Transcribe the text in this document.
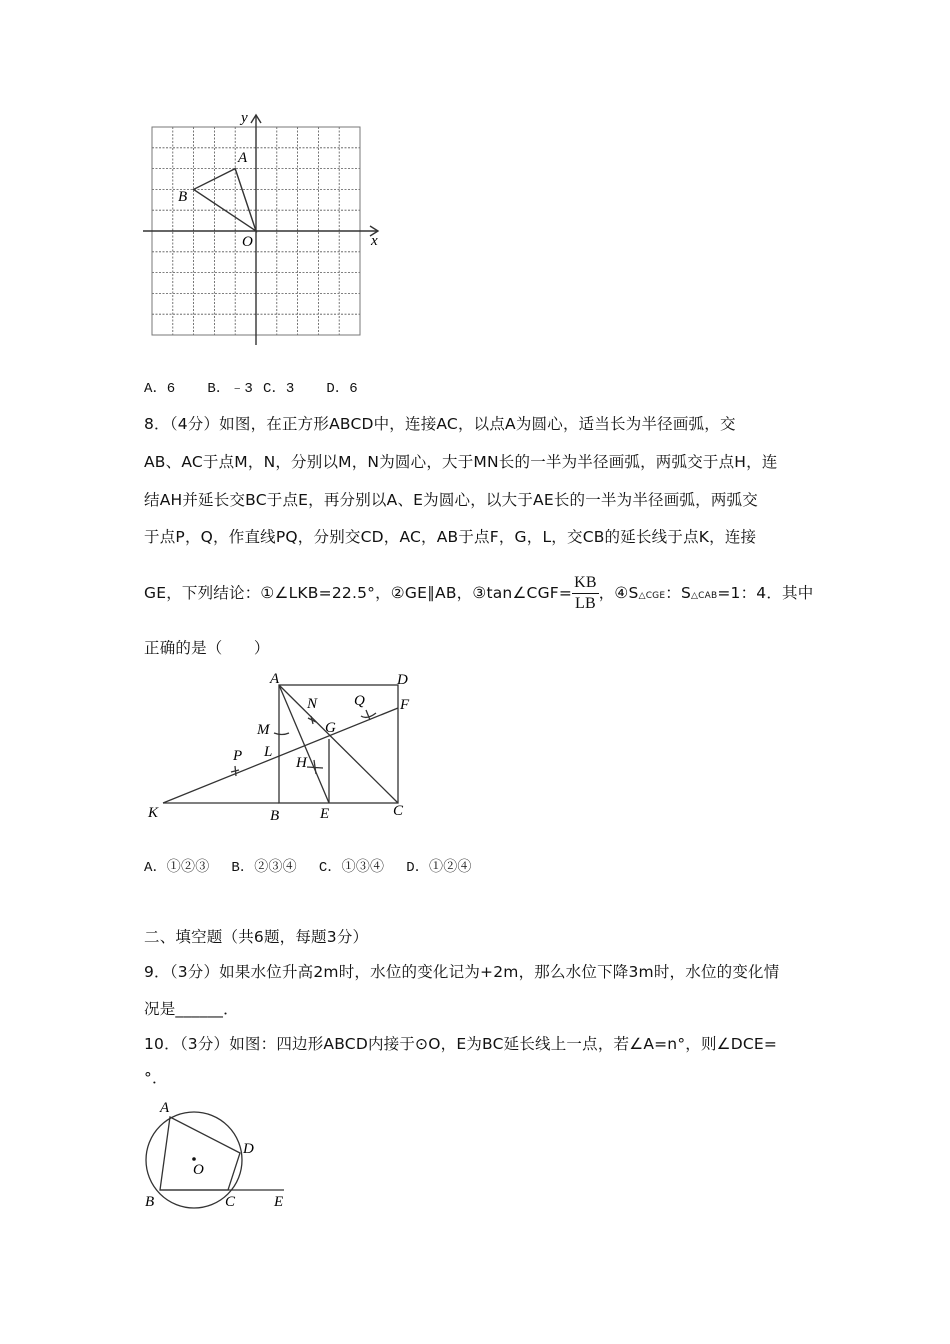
x
y
A
B
O
A．6 B．﹣3 C．3 D．6
8．（4分）如图，在正方形ABCD中，连接AC，以点A为圆心，适当长为半径画弧，交
AB、AC于点M，N，分别以M，N为圆心，大于MN长的一半为半径画弧，两弧交于点H，连
结AH并延长交BC于点E，再分别以A、E为圆心，以大于AE长的一半为半径画弧，两弧交
于点P，Q，作直线PQ，分别交CD，AC，AB于点F，G，L，交CB的延长线于点K，连接
GE，下列结论：①∠LKB=22.5°，②GE∥AB，③tan∠CGF= $\frac{KB}{LB}$ ，④S△CGE：S△CAB=1：4．其中
正确的是（　　）
A	D
F
G
N Q
M
L
P	H
K	B	E	C
A．①②③ B．②③④ C．①③④ D．①②④
二、填空题（共6题，每题3分）
9．（3分）如果水位升高2m时，水位的变化记为+2m，那么水位下降3m时，水位的变化情
况是______．
10．（3分）如图：四边形ABCD内接于⊙O，E为BC延长线上一点，若∠A=n°，则∠DCE=
°．
A
D
O
B	C	E
